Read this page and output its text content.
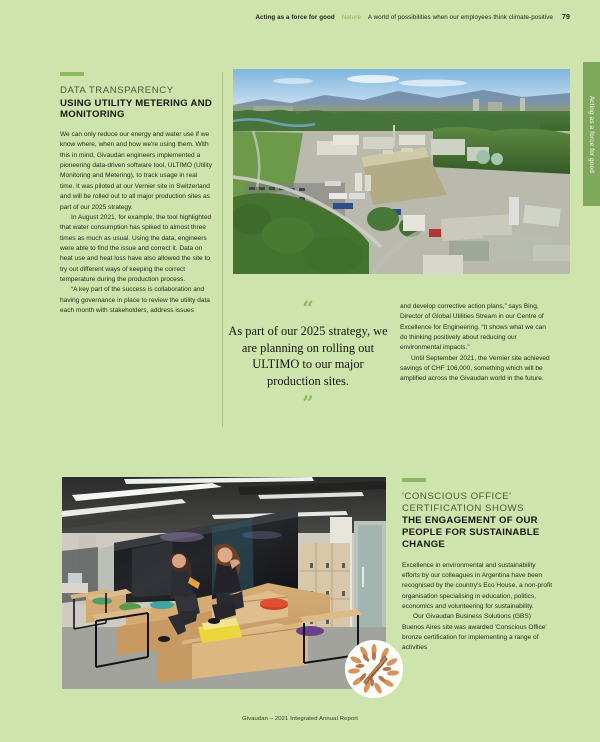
Acting as a force for good Nature A world of possibilities when our employees think climate-positive 79
Acting as a force for good
DATA TRANSPARENCY
USING UTILITY METERING AND MONITORING

We can only reduce our energy and water use if we know where, when and how we're using them. With this in mind, Givaudan engineers implemented a pioneering data-driven software tool, ULTIMO (Utility Monitoring and Metering), to track usage in real time. It was piloted at our Vernier site in Switzerland and will be rolled out to all major production sites as part of our 2025 strategy.

In August 2021, for example, the tool highlighted that water consumption has spiked to almost three times as much as usual. Using the data, engineers were able to find the issue and correct it. Data on heat use and heat loss have also allowed the site to try out different ways of keeping the correct temperature during the production process.

“A key part of the success is collaboration and having governance in place to review the utility data each month with stakeholders, address issues	“
As part of our 2025 strategy, we are planning on rolling out ULTIMO to our major production sites.
”

and develop corrective action plans,” says Bing, Director of Global Utilities Stream in our Centre of Excellence for Engineering. “It shows what we can do thinking positively about reducing our environmental impacts.”

Until September 2021, the Vernier site achieved savings of CHF 106,000, something which will be amplified across the Givaudan world in the future.

'CONSCIOUS OFFICE' CERTIFICATION SHOWS
THE ENGAGEMENT OF OUR PEOPLE FOR SUSTAINABLE CHANGE

Excellence in environmental and sustainability efforts by our colleagues in Argentina have been recognised by the country's Eco House, a non-profit organisation specialising in education, politics, economics and volunteering for sustainability.

Our Givaudan Business Solutions (GBS) Buenos Aires site was awarded 'Conscious Office' bronze certification for implementing a range of activities

Givaudan – 2021 Integrated Annual Report
